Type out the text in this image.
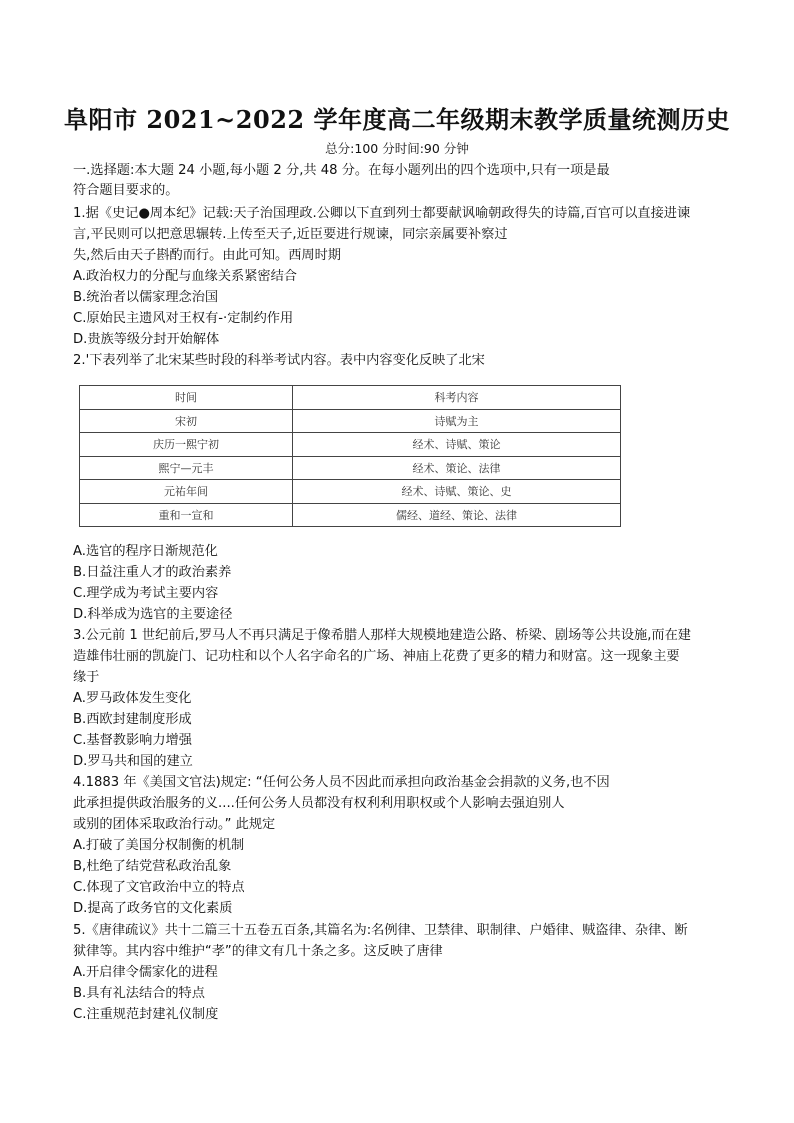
阜阳市 2021~2022 学年度高二年级期末教学质量统测历史
总分:100 分时间:90 分钟
一.选择题:本大题 24 小题,每小题 2 分,共 48 分。在每小题列出的四个选项中,只有一项是最
符合题目要求的。
1.据《史记●周本纪》记载:天子治国理政.公卿以下直到列士都要献讽喻朝政得失的诗篇,百官可以直接进谏
言,平民则可以把意思辗转.上传至天子,近臣要进行规谏，同宗亲属要补察过
失,然后由天子斟酌而行。由此可知。西周时期
A.政治权力的分配与血缘关系紧密结合
B.统治者以儒家理念治国
C.原始民主遗风对王权有-·定制约作用
D.贵族等级分封开始解体
2.'下表列举了北宋某些时段的科举考试内容。表中内容变化反映了北宋
时间	科考内容
宋初	诗赋为主
庆历一熙宁初	经术、诗赋、策论
熙宁—元丰	经术、策论、法律
元祐年间	经术、诗赋、策论、史
重和一宣和	儒经、道经、策论、法律
A.选官的程序日渐规范化
B.日益注重人才的政治素养
C.理学成为考试主要内容
D.科举成为选官的主要途径
3.公元前 1 世纪前后,罗马人不再只满足于像希腊人那样大规模地建造公路、桥梁、剧场等公共设施,而在建
造雄伟壮丽的凯旋门、记功柱和以个人名字命名的广场、神庙上花费了更多的精力和财富。这一现象主要
缘于
A.罗马政体发生变化
B.西欧封建制度形成
C.基督教影响力增强
D.罗马共和国的建立
4.1883 年《美国文官法)规定: “任何公务人员不因此而承担向政治基金会捐款的义务,也不因
此承担提供政治服务的义....任何公务人员都没有权利利用职权或个人影响去强迫别人
或别的团体采取政治行动。” 此规定
A.打破了美国分权制衡的机制
B,杜绝了结党营私政治乱象
C.体现了文官政治中立的特点
D.提高了政务官的文化素质
5.《唐律疏议》共十二篇三十五卷五百条,其篇名为:名例律、卫禁律、职制律、户婚律、贼盗律、杂律、断
狱律等。其内容中维护“孝”的律文有几十条之多。这反映了唐律
A.开启律令儒家化的进程
B.具有礼法结合的特点
C.注重规范封建礼仪制度
